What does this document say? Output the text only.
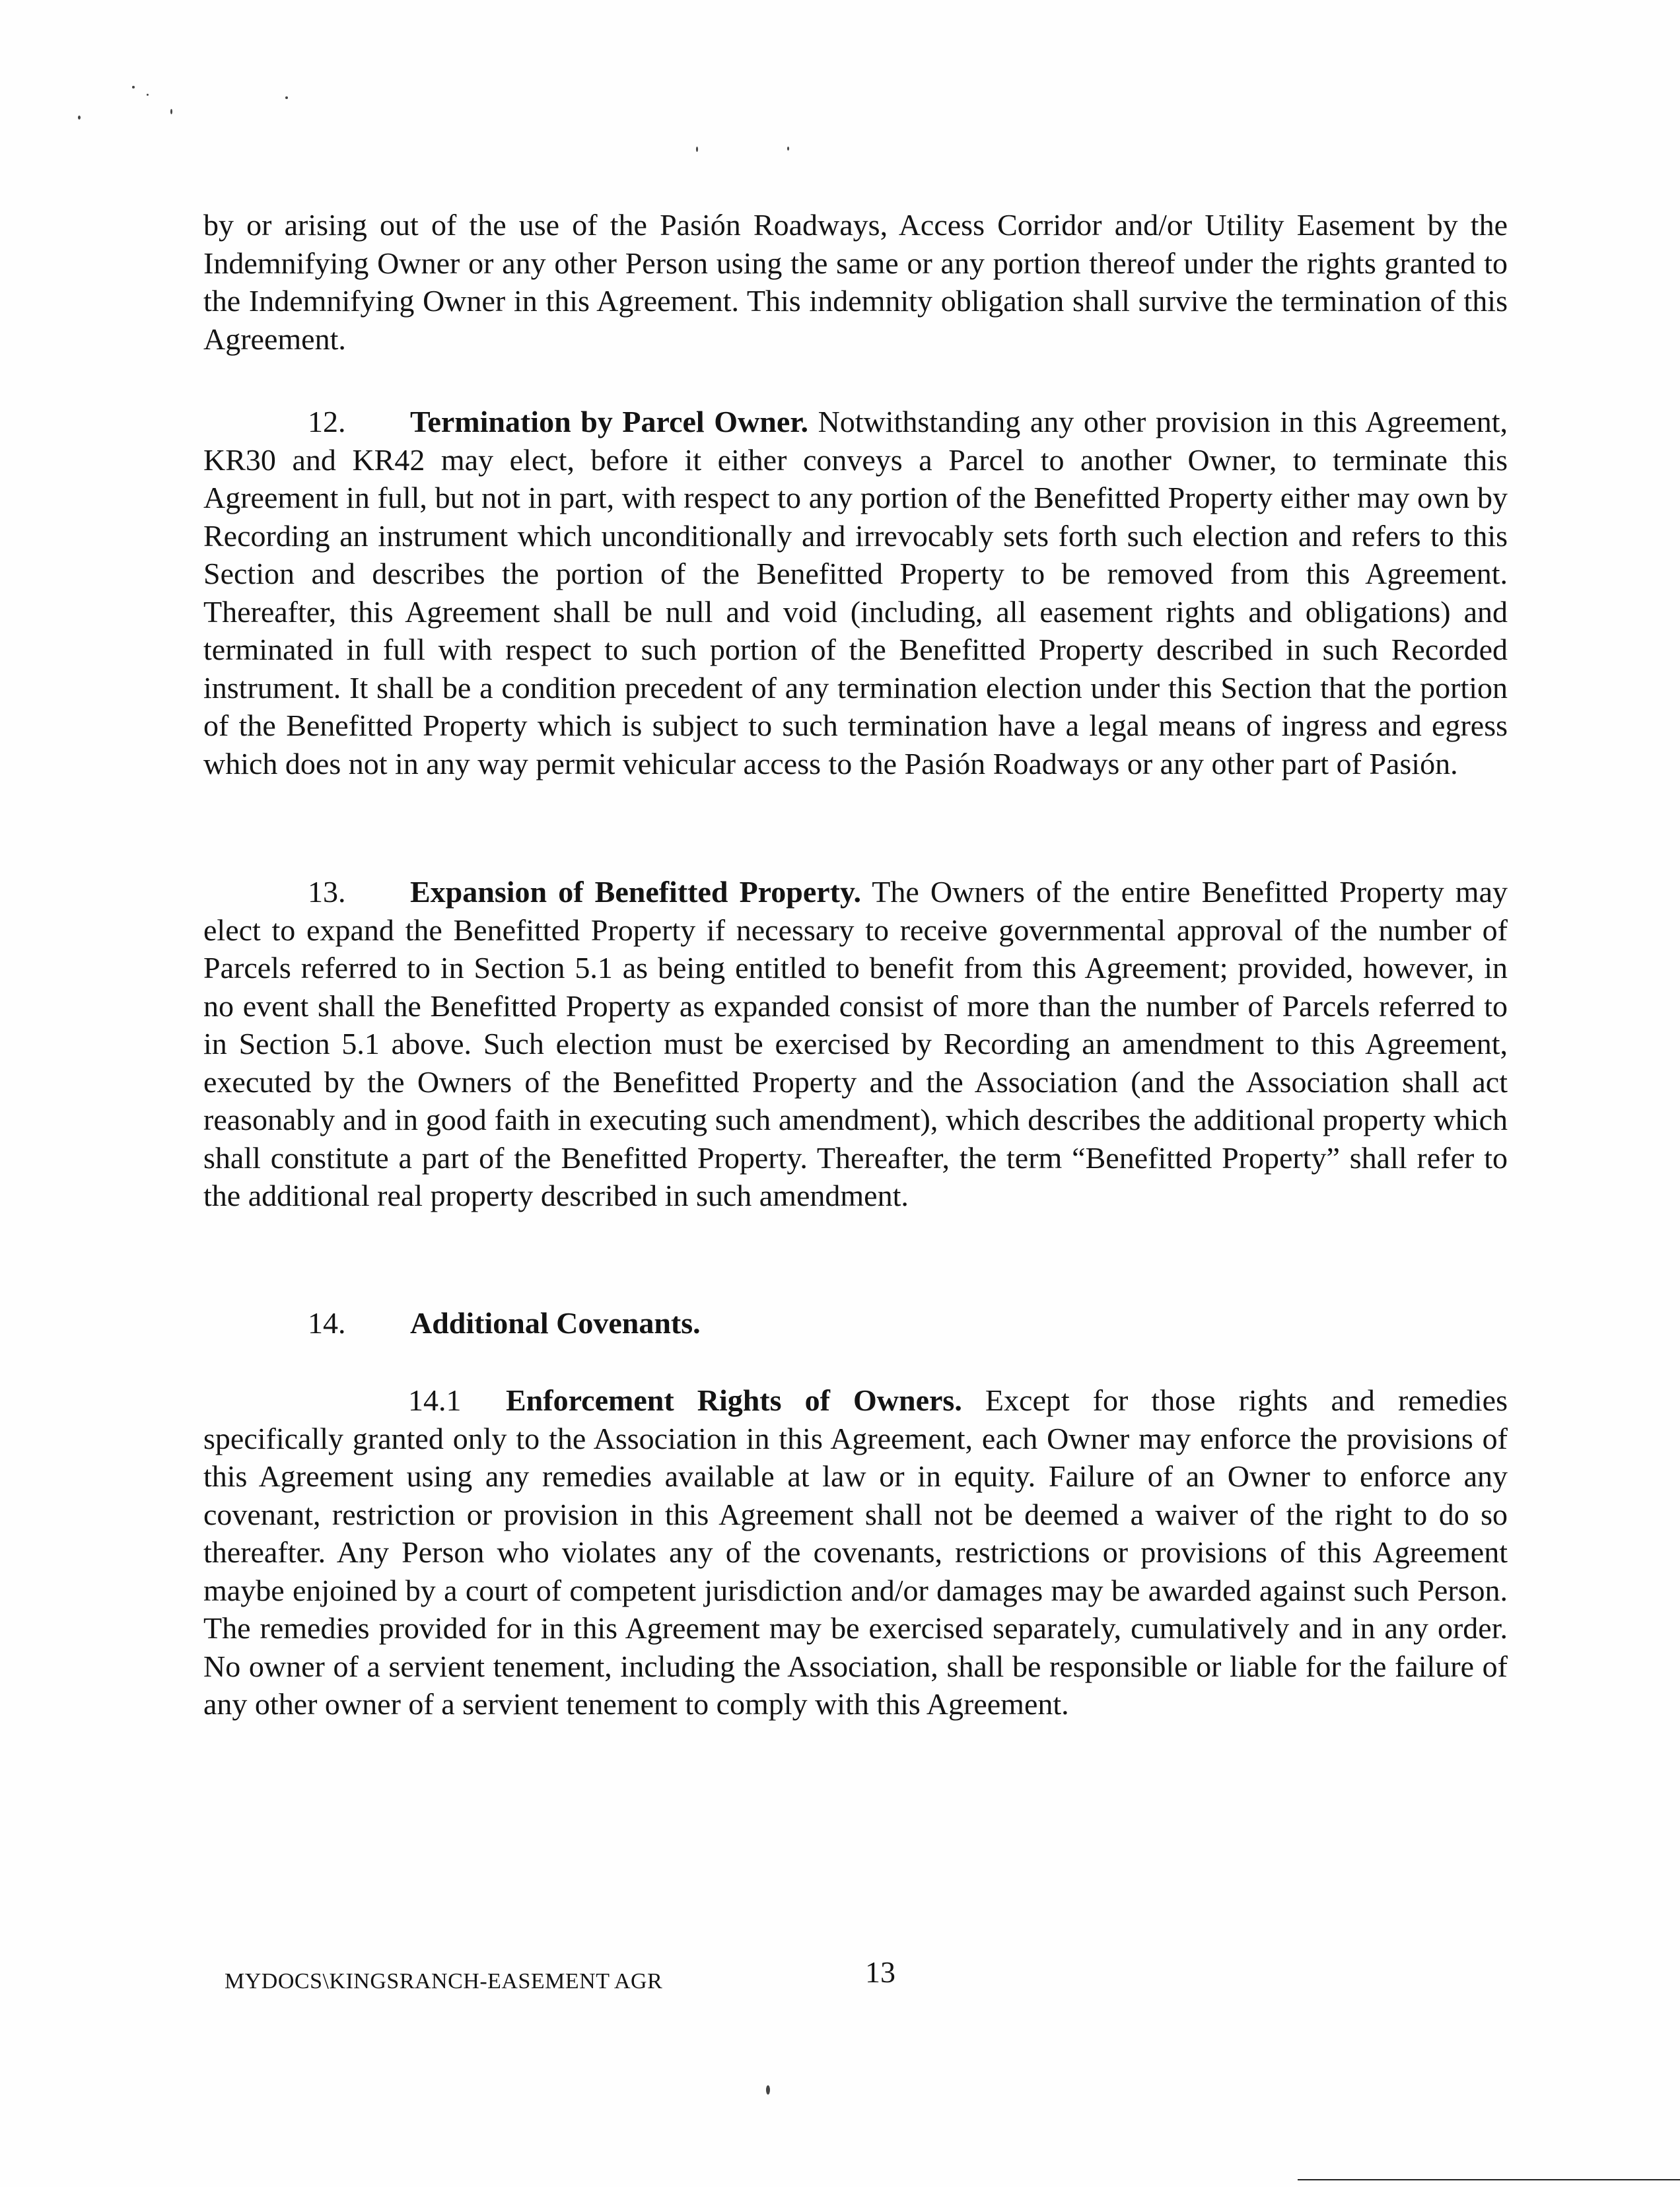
by or arising out of the use of the Pasión Roadways, Access Corridor and/or Utility Easement by the Indemnifying Owner or any other Person using the same or any portion thereof under the rights granted to the Indemnifying Owner in this Agreement. This indemnity obligation shall survive the termination of this Agreement.

12. Termination by Parcel Owner. Notwithstanding any other provision in this Agreement, KR30 and KR42 may elect, before it either conveys a Parcel to another Owner, to terminate this Agreement in full, but not in part, with respect to any portion of the Benefitted Property either may own by Recording an instrument which unconditionally and irrevocably sets forth such election and refers to this Section and describes the portion of the Benefitted Property to be removed from this Agreement. Thereafter, this Agreement shall be null and void (including, all easement rights and obligations) and terminated in full with respect to such portion of the Benefitted Property described in such Recorded instrument. It shall be a condition precedent of any termination election under this Section that the portion of the Benefitted Property which is subject to such termination have a legal means of ingress and egress which does not in any way permit vehicular access to the Pasión Roadways or any other part of Pasión.

13. Expansion of Benefitted Property. The Owners of the entire Benefitted Property may elect to expand the Benefitted Property if necessary to receive governmental approval of the number of Parcels referred to in Section 5.1 as being entitled to benefit from this Agreement; provided, however, in no event shall the Benefitted Property as expanded consist of more than the number of Parcels referred to in Section 5.1 above. Such election must be exercised by Recording an amendment to this Agreement, executed by the Owners of the Benefitted Property and the Association (and the Association shall act reasonably and in good faith in executing such amendment), which describes the additional property which shall constitute a part of the Benefitted Property. Thereafter, the term “Benefitted Property” shall refer to the additional real property described in such amendment.

14. Additional Covenants.

14.1 Enforcement Rights of Owners. Except for those rights and remedies specifically granted only to the Association in this Agreement, each Owner may enforce the provisions of this Agreement using any remedies available at law or in equity. Failure of an Owner to enforce any covenant, restriction or provision in this Agreement shall not be deemed a waiver of the right to do so thereafter. Any Person who violates any of the covenants, restrictions or provisions of this Agreement maybe enjoined by a court of competent jurisdiction and/or damages may be awarded against such Person. The remedies provided for in this Agreement may be exercised separately, cumulatively and in any order. No owner of a servient tenement, including the Association, shall be responsible or liable for the failure of any other owner of a servient tenement to comply with this Agreement.

MYDOCS\KINGSRANCH-EASEMENT AGR	13
